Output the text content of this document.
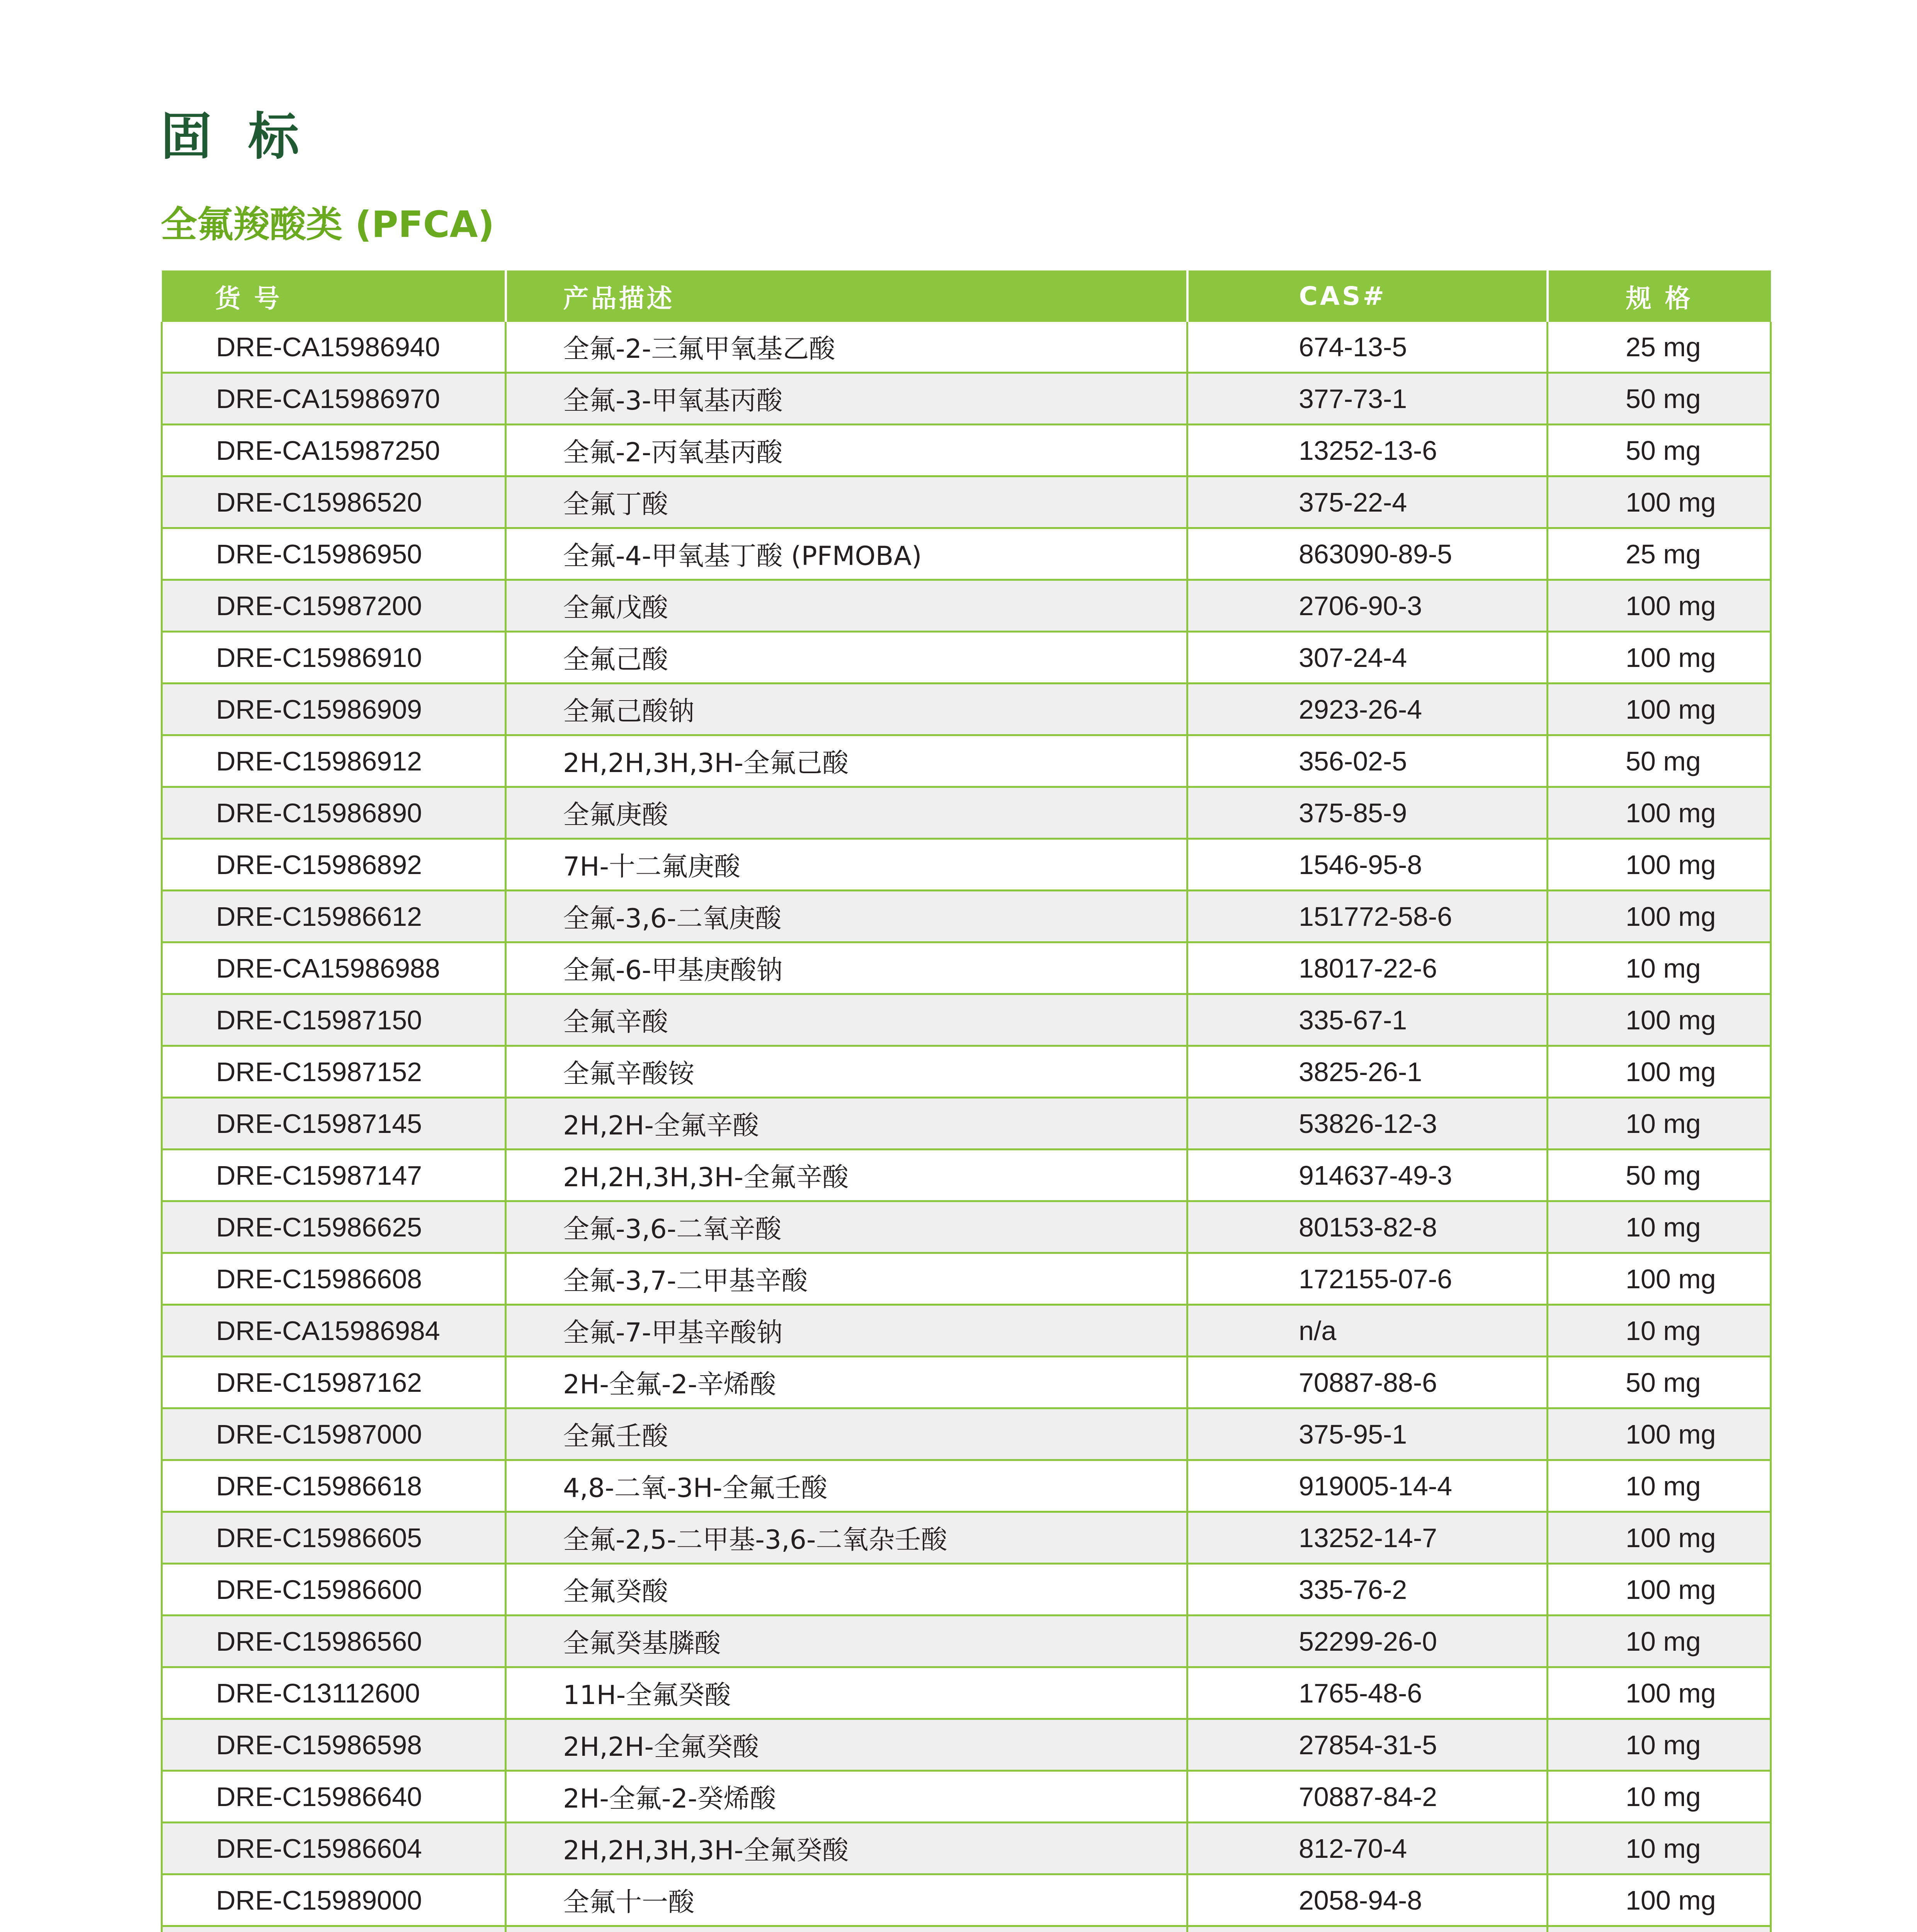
固 标
全氟羧酸类 (PFCA)
货 号	产品描述	CAS#	规 格

DRE-CA15986940	全氟-2-三氟甲氧基乙酸	674-13-5	25 mg

DRE-CA15986970	全氟-3-甲氧基丙酸	377-73-1	50 mg

DRE-CA15987250	全氟-2-丙氧基丙酸	13252-13-6	50 mg

DRE-C15986520	全氟丁酸	375-22-4	100 mg

DRE-C15986950	全氟-4-甲氧基丁酸 (PFMOBA)	863090-89-5	25 mg

DRE-C15987200	全氟戊酸	2706-90-3	100 mg

DRE-C15986910	全氟己酸	307-24-4	100 mg

DRE-C15986909	全氟己酸钠	2923-26-4	100 mg

DRE-C15986912	2H,2H,3H,3H-全氟己酸	356-02-5	50 mg

DRE-C15986890	全氟庚酸	375-85-9	100 mg

DRE-C15986892	7H-十二氟庚酸	1546-95-8	100 mg

DRE-C15986612	全氟-3,6-二氧庚酸	151772-58-6	100 mg

DRE-CA15986988	全氟-6-甲基庚酸钠	18017-22-6	10 mg

DRE-C15987150	全氟辛酸	335-67-1	100 mg

DRE-C15987152	全氟辛酸铵	3825-26-1	100 mg

DRE-C15987145	2H,2H-全氟辛酸	53826-12-3	10 mg

DRE-C15987147	2H,2H,3H,3H-全氟辛酸	914637-49-3	50 mg

DRE-C15986625	全氟-3,6-二氧辛酸	80153-82-8	10 mg

DRE-C15986608	全氟-3,7-二甲基辛酸	172155-07-6	100 mg

DRE-CA15986984	全氟-7-甲基辛酸钠	n/a	10 mg

DRE-C15987162	2H-全氟-2-辛烯酸	70887-88-6	50 mg

DRE-C15987000	全氟壬酸	375-95-1	100 mg

DRE-C15986618	4,8-二氧-3H-全氟壬酸	919005-14-4	10 mg

DRE-C15986605	全氟-2,5-二甲基-3,6-二氧杂壬酸	13252-14-7	100 mg

DRE-C15986600	全氟癸酸	335-76-2	100 mg

DRE-C15986560	全氟癸基膦酸	52299-26-0	10 mg

DRE-C13112600	11H-全氟癸酸	1765-48-6	100 mg

DRE-C15986598	2H,2H-全氟癸酸	27854-31-5	10 mg

DRE-C15986640	2H-全氟-2-癸烯酸	70887-84-2	10 mg

DRE-C15986604	2H,2H,3H,3H-全氟癸酸	812-70-4	10 mg

DRE-C15989000	全氟十一酸	2058-94-8	100 mg
